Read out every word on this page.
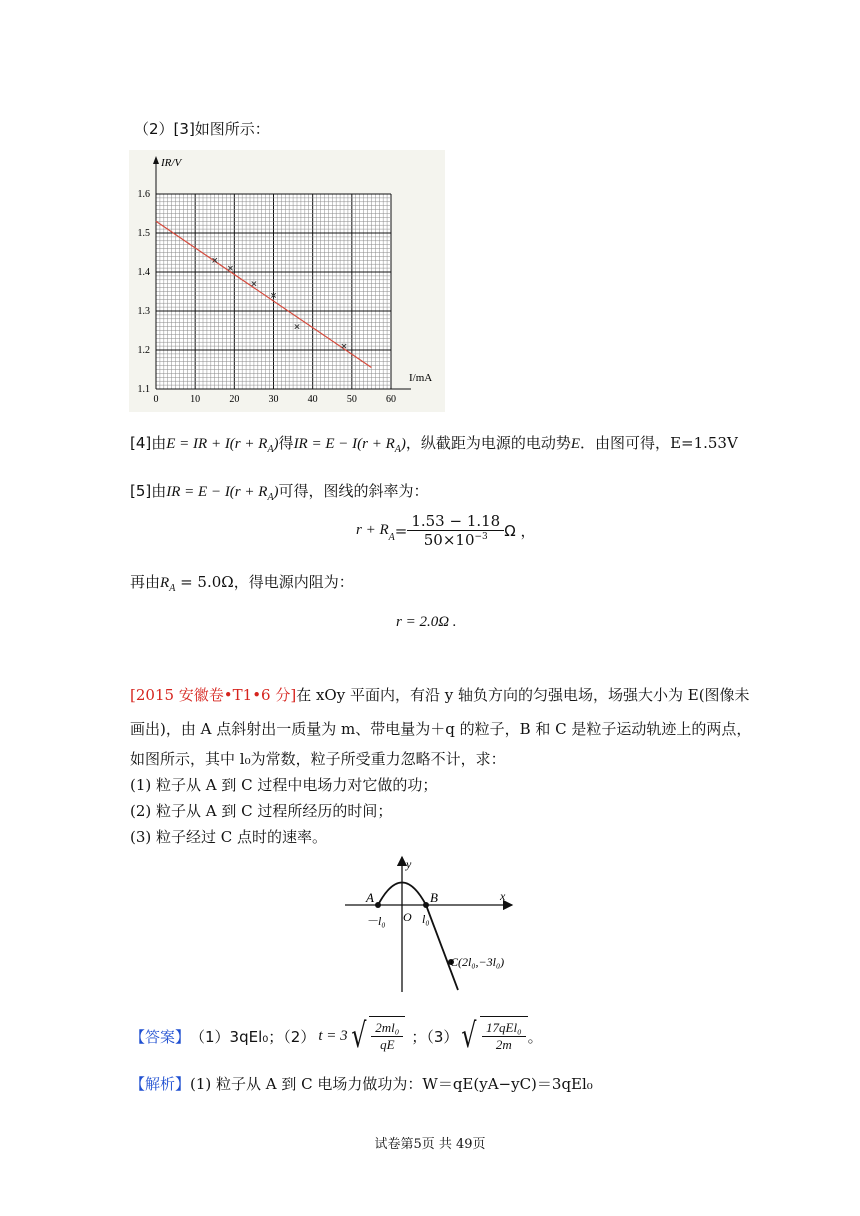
（2）[3]如图所示：
0	10	20	30	40	50	60
1.1
1.2
1.3
1.4
1.5
1.6
IR/V
I/mA
[4]由E = IR + $I(r + R_A)$得IR = $E - I(r + R_A)$，纵截距为电源的电动势E．由图可得，E=1.53V
[5]由IR = $E - I(r + R_A)$可得，图线的斜率为：
$r + R_A = \frac{1.53 - 1.18}{50\times 10^{-3}}$ Ω ，
再由$R_A = 5.0\Omega$，得电源内阻为：
r = 2.0Ω .
[2015 安徽卷•T1•6 分]在 xOy 平面内，有沿 y 轴负方向的匀强电场，场强大小为 E(图像未
画出)，由 A 点斜射出一质量为 m、带电量为＋q 的粒子，B 和 C 是粒子运动轨迹上的两点，
如图所示，其中 l₀为常数，粒子所受重力忽略不计，求：
(1) 粒子从 A 到 C 过程中电场力对它做的功；
(2) 粒子从 A 到 C 过程所经历的时间；
(3) 粒子经过 C 点时的速率。
y
x
A	B
O
－l₀	l₀
C(2l₀,−3l₀)
【答案】 （1）3qEl₀；（2） t = 3 √ $\frac{\text{2ml₀}}{qE}$ ；（3） √ $\frac{\text{17qEl₀}}{2m}$ 。
【解析】(1) 粒子从 A 到 C 电场力做功为：W＝qE(yA−yC)＝3qEl₀
试卷第5页 共 49页
